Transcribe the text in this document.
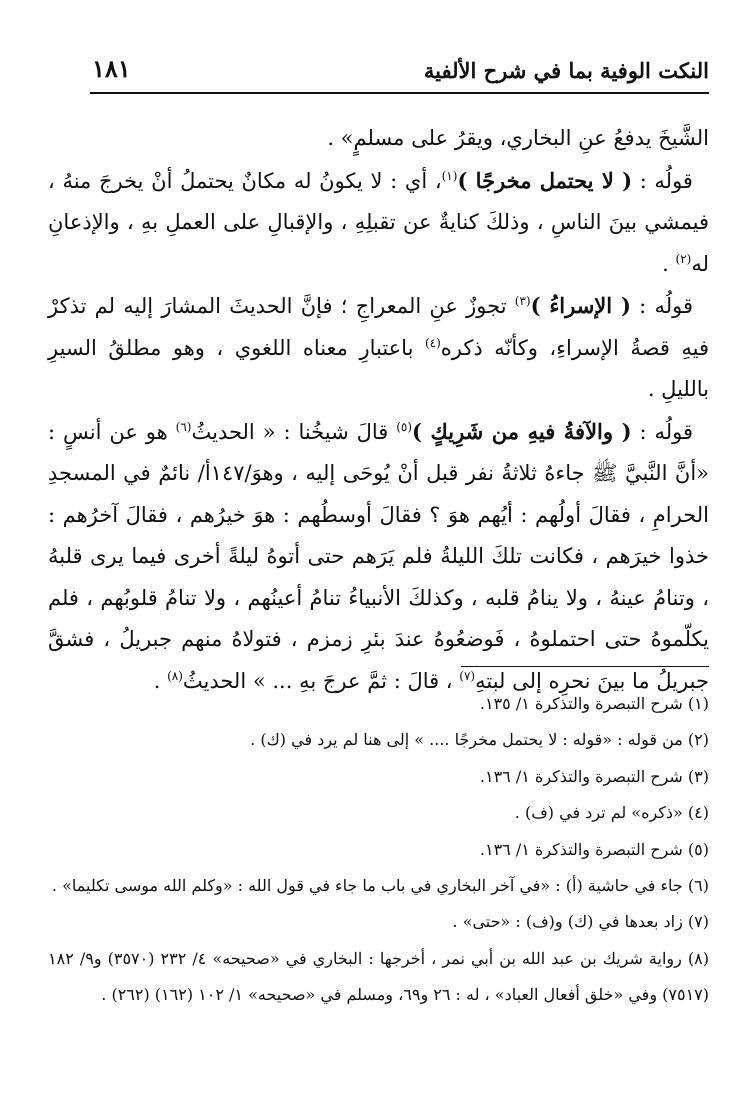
النكت الوفية بما في شرح الألفية
١٨١

الشَّيخَ يدفعُ عنِ البخاري، ويقرُ على مسلمٍ» .

قولُه : ( لا يحتمل مخرجًا )$^{(١)}$، أي : لا يكونُ له مكانٌ يحتملُ أنْ يخرجَ منهُ ، فيمشي بينَ الناسِ ، وذلكَ كنايةٌ عن تقبلِهِ ، والإقبالِ على العملِ بهِ ، والإذعانِ له$^{(٢)}$ .

قولُه : ( الإسراءُ )$^{(٣)}$ تجوزٌ عنِ المعراجِ ؛ فإنَّ الحديثَ المشارَ إليه لم تذكرْ فيهِ قصةُ الإسراءِ، وكأنّه ذكره$^{(٤)}$ باعتبارِ معناه اللغوي ، وهو مطلقُ السيرِ بالليلِ .

قولُه : ( والآفةُ فيهِ من شَرِيكٍ )$^{(٥)}$ قالَ شيخُنا : « الحديثُ$^{(٦)}$ هو عن أنسٍ : «أنَّ النَّبيَّ ﷺ جاءهُ ثلاثةُ نفر قبل أنْ يُوحَى إليه ، وهوَ/١٤٧أ/ نائمٌ في المسجدِ الحرامِ ، فقالَ أولُهم : أيُهم هوَ ؟ فقالَ أوسطُهم : هوَ خيرُهم ، فقالَ آخرُهم : خذوا خيرَهم ، فكانت تلكَ الليلةُ فلم يَرَهم حتى أتوهُ ليلةً أخرى فيما يرى قلبهُ ، وتنامُ عينهُ ، ولا ينامُ قلبه ، وكذلكَ الأنبياءُ تنامُ أعينُهم ، ولا تنامُ قلوبُهم ، فلم يكلّموهُ حتى احتملوهُ ، فَوضعُوهُ عندَ بئرِ زمزم ، فتولاهُ منهم جبريلُ ، فشقَّ جبريلُ ما بينَ نحرِه إلى لبتهِ$^{(٧)}$ ، قالَ : ثمَّ عرجَ بهِ ... » الحديثُ$^{(٨)}$ .

(١) شرح التبصرة والتذكرة ١/ ١٣٥.

(٢) من قوله : «قوله : لا يحتمل مخرجًا .... » إلى هنا لم يرد في (ك) .

(٣) شرح التبصرة والتذكرة ١/ ١٣٦.

(٤) «ذكره» لم ترد في (ف) .

(٥) شرح التبصرة والتذكرة ١/ ١٣٦.

(٦) جاء في حاشية (أ) : «في آخر البخاري في باب ما جاء في قول الله : «وكلم الله موسى تكليما» .

(٧) زاد بعدها في (ك) و(ف) : «حتى» .

(٨) رواية شريك بن عبد الله بن أبي نمر ، أخرجها : البخاري في «صحيحه» ٤/ ٢٣٢ (٣٥٧٠) و٩/ ١٨٢ (٧٥١٧) وفي «خلق أفعال العباد» ، له : ٢٦ و٦٩، ومسلم في «صحيحه» ١/ ١٠٢ (١٦٢) (٢٦٢) .
